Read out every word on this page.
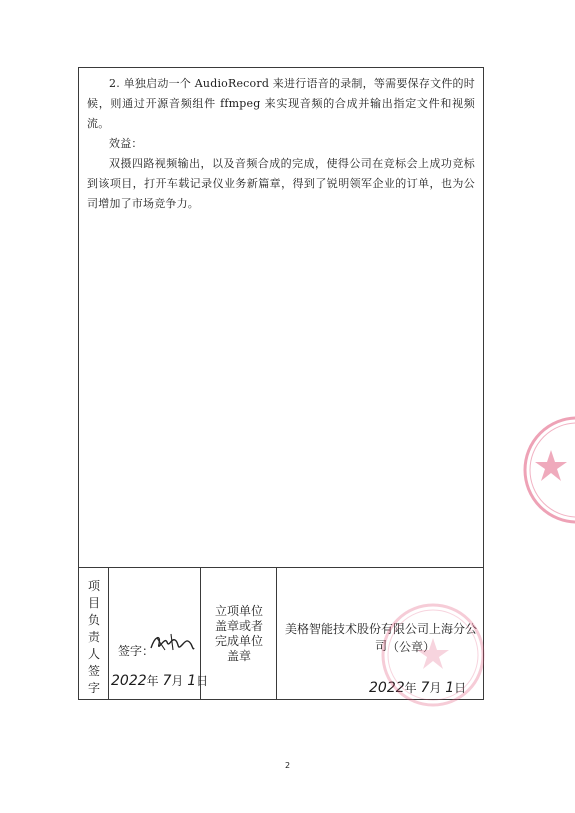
2. 单独启动一个 AudioRecord 来进行语音的录制，等需要保存文件的时候，则通过开源音频组件 ffmpeg 来实现音频的合成并输出指定文件和视频流。

效益：

双摄四路视频输出，以及音频合成的完成，使得公司在竞标会上成功竞标到该项目，打开车载记录仪业务新篇章，得到了锐明领军企业的订单，也为公司增加了市场竞争力。

项
目
负
责
人
签
字
签字：
2022年 7月 1日
立项单位
盖章或者
完成单位
盖章
美格智能技术股份有限公司上海分公司 （公章）
2022年 7月 1日
2
